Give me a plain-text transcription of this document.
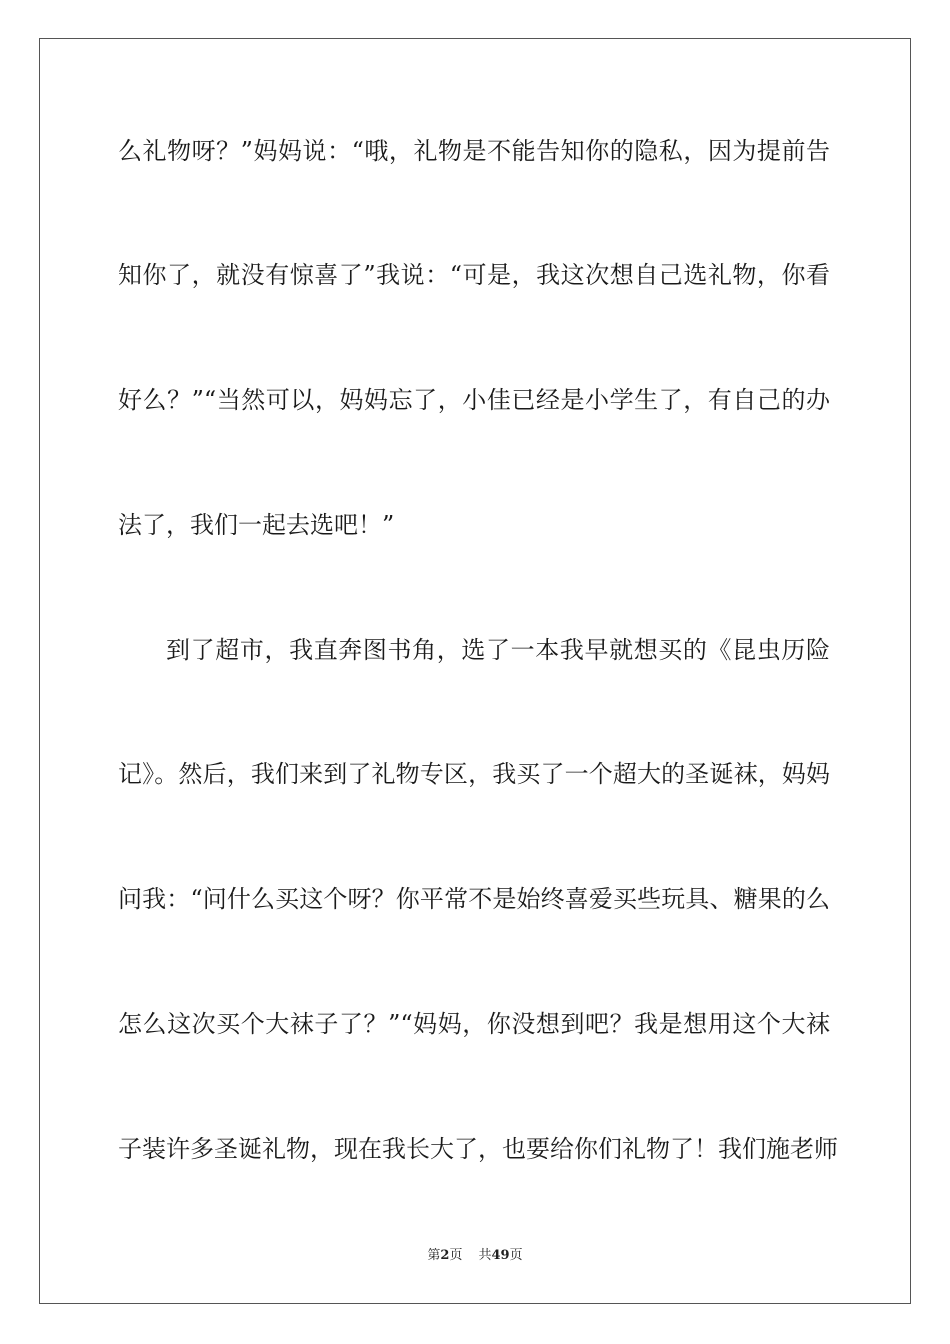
么礼物呀？”妈妈说：“哦，礼物是不能告知你的隐私，因为提前告
知你了，就没有惊喜了”我说：“可是，我这次想自己选礼物，你看
好么？”“当然可以，妈妈忘了，小佳已经是小学生了，有自己的办
法了，我们一起去选吧！”
到了超市，我直奔图书角，选了一本我早就想买的《昆虫历险
记》。然后，我们来到了礼物专区，我买了一个超大的圣诞袜，妈妈
问我：“问什么买这个呀？你平常不是始终喜爱买些玩具、糖果的么
怎么这次买个大袜子了？”“妈妈，你没想到吧？我是想用这个大袜
子装许多圣诞礼物，现在我长大了，也要给你们礼物了！我们施老师
第2页 共49页
